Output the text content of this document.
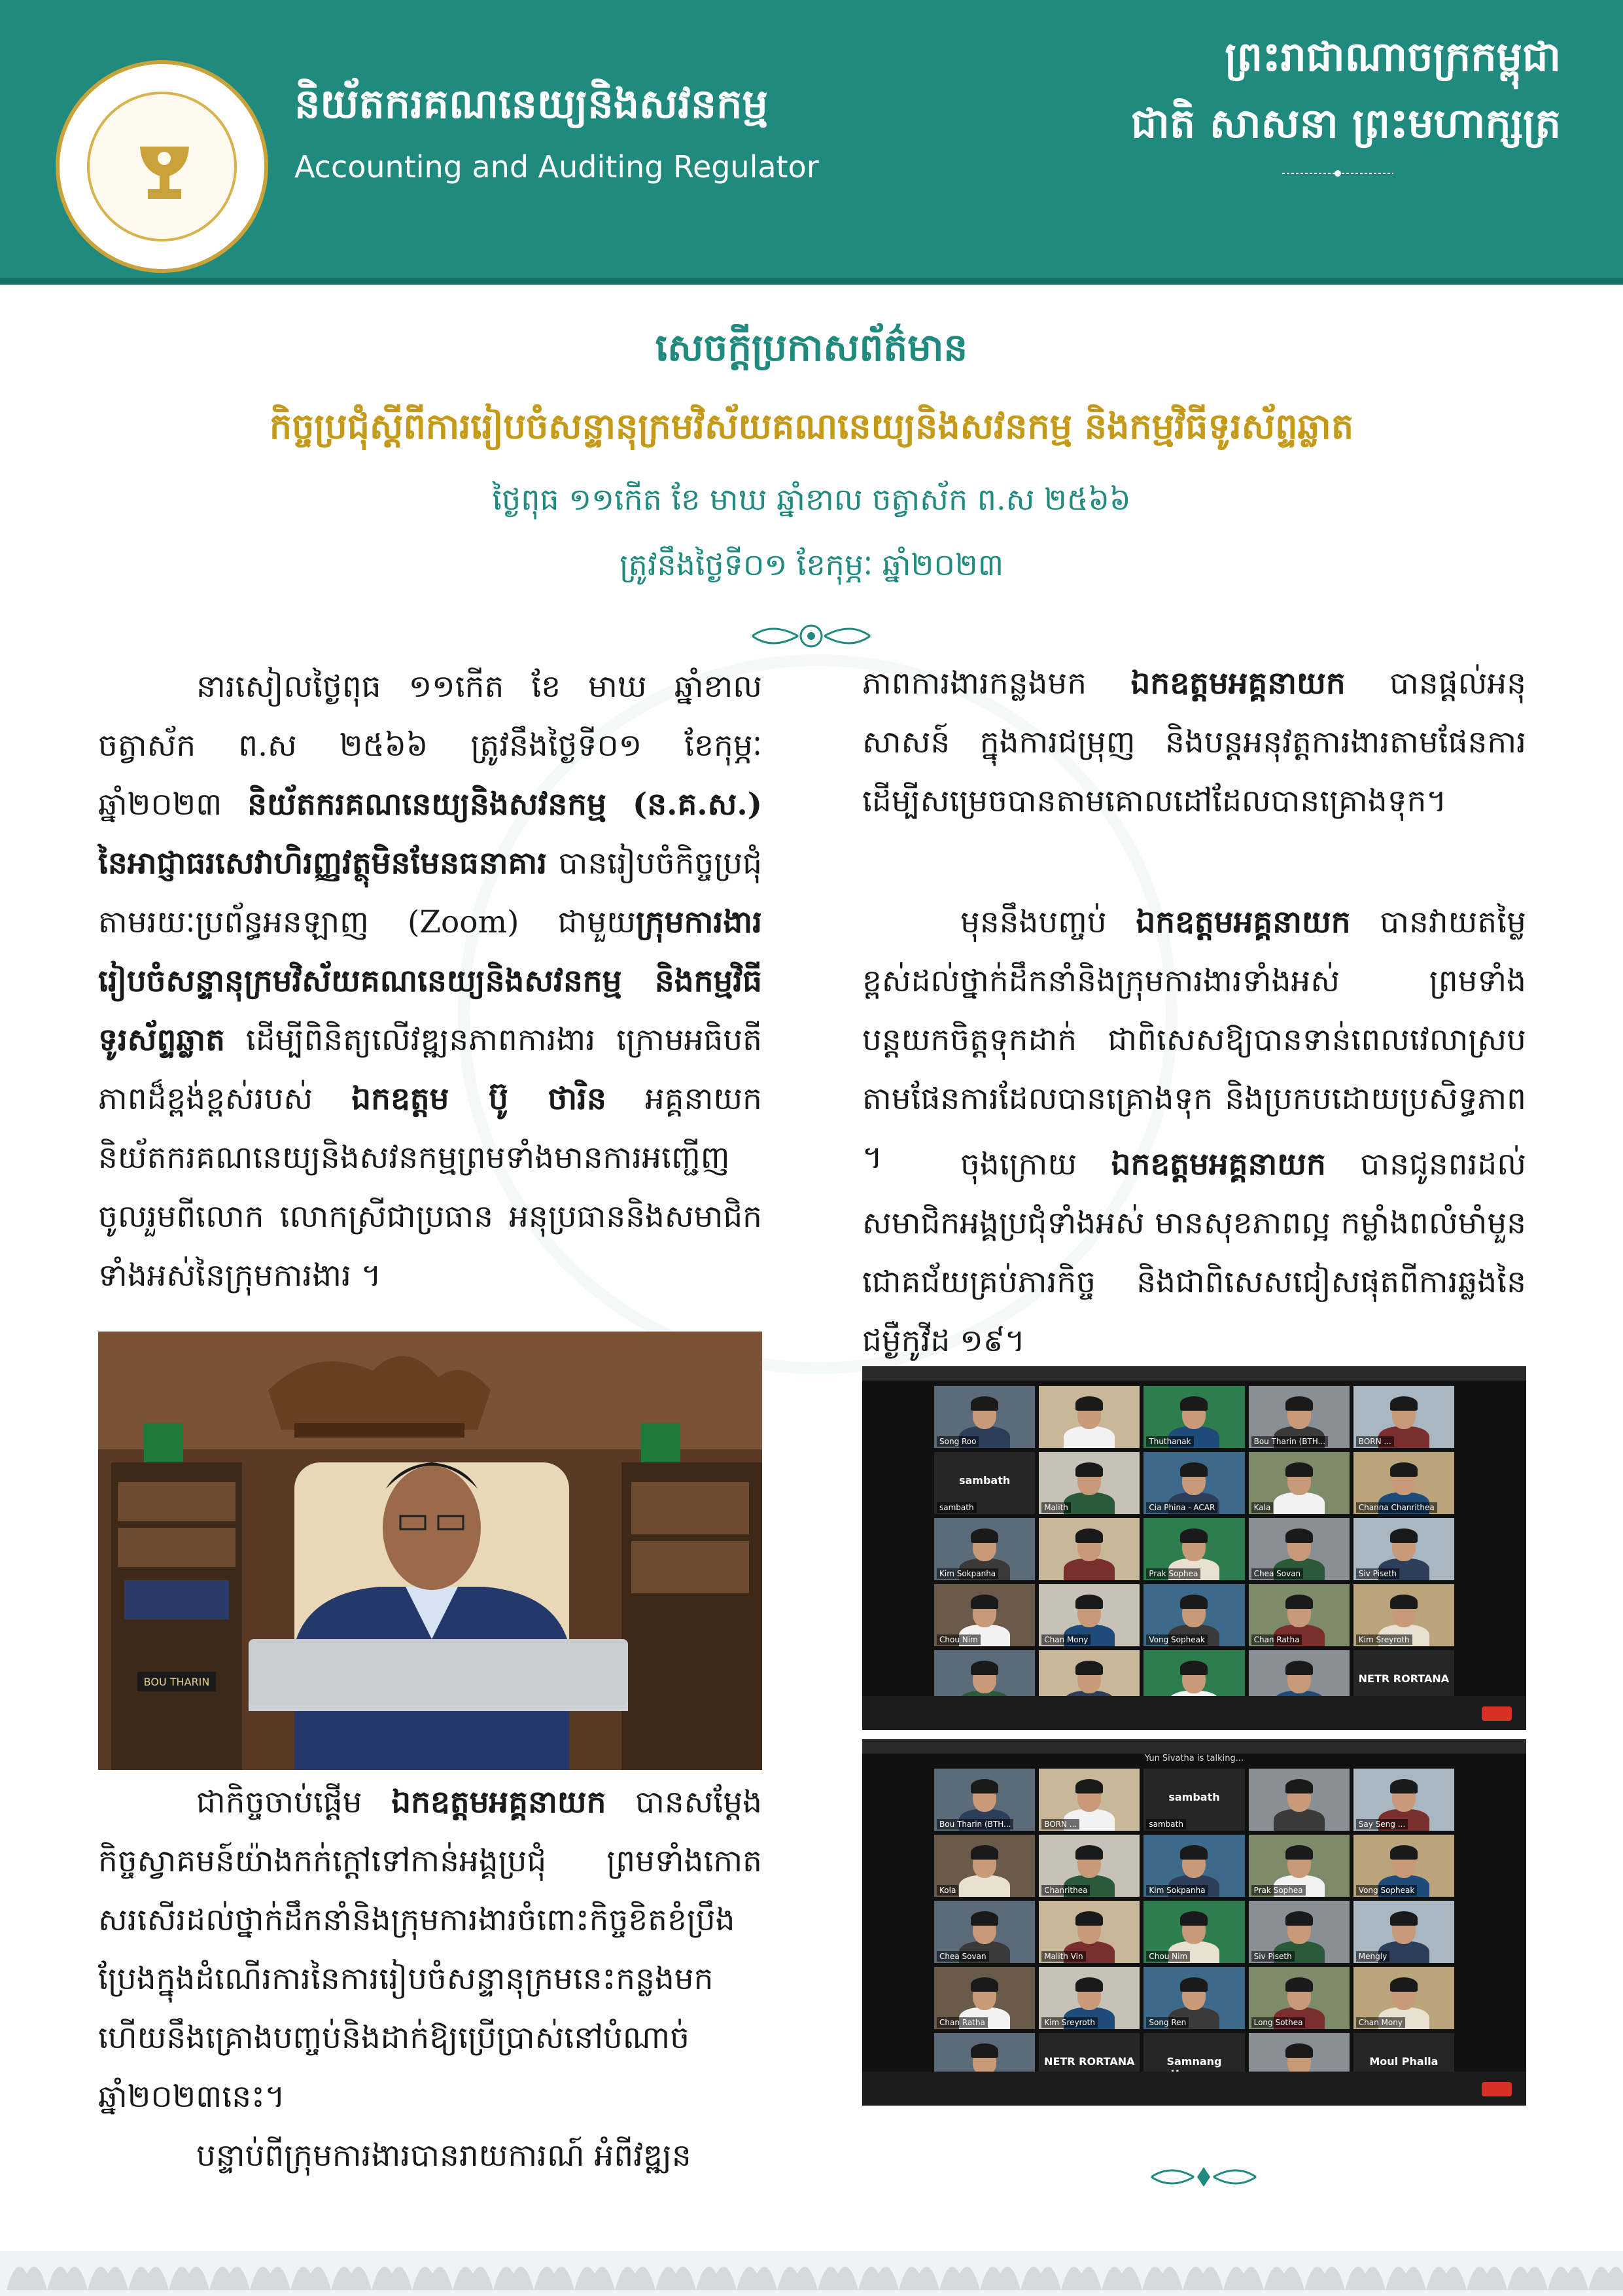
និយ័តករគណនេយ្យនិងសវនកម្ម
Accounting and Auditing Regulator
ព្រះរាជាណាចក្រកម្ពុជា
ជាតិ សាសនា ព្រះមហាក្សត្រ
សេចក្តីប្រកាសព័ត៌មាន
កិច្ចប្រជុំស្តីពីការរៀបចំសន្ទានុក្រមវិស័យគណនេយ្យនិងសវនកម្ម និងកម្មវិធីទូរស័ព្ទឆ្លាត
ថ្ងៃពុធ ១១កើត ខែ មាឃ ឆ្នាំខាល ចត្វាស័ក ព.ស ២៥៦៦
ត្រូវនឹងថ្ងៃទី០១ ខែកុម្ភៈ ឆ្នាំ២០២៣
នារសៀលថ្ងៃពុធ ១១កើត ខែ មាឃ ឆ្នាំខាល ចត្វាស័ក ព.ស ២៥៦៦ ត្រូវនឹងថ្ងៃទី០១ ខែកុម្ភៈ ឆ្នាំ២០២៣ និយ័តករគណនេយ្យនិងសវនកម្ម (ន.គ.ស.) នៃអាជ្ញាធរសេវាហិរញ្ញវត្ថុមិនមែនធនាគារ បានរៀបចំកិច្ចប្រជុំតាមរយៈប្រព័ន្ធអនឡាញ (Zoom) ជាមួយក្រុមការងាររៀបចំសន្ទានុក្រមវិស័យគណនេយ្យនិងសវនកម្ម និងកម្មវិធីទូរស័ព្ទឆ្លាត ដើម្បីពិនិត្យលើវឌ្ឍនភាពការងារ ក្រោមអធិបតីភាពដ៏ខ្ពង់ខ្ពស់របស់ ឯកឧត្តម ប៊ូ ថារិន អគ្គនាយកនិយ័តករគណនេយ្យនិងសវនកម្មព្រមទាំងមានការអញ្ជើញចូលរួមពីលោក លោកស្រីជាប្រធាន អនុប្រធាននិងសមាជិកទាំងអស់នៃក្រុមការងារ ។
BOU THARIN
ជាកិច្ចចាប់ផ្តើម ឯកឧត្តមអគ្គនាយក បានសម្តែងកិច្ចស្វាគមន៍យ៉ាងកក់ក្តៅទៅកាន់អង្គប្រជុំ ព្រមទាំងកោតសរសើរដល់ថ្នាក់ដឹកនាំនិងក្រុមការងារចំពោះកិច្ចខិតខំប្រឹងប្រែងក្នុងដំណើរការនៃការរៀបចំសន្ទានុក្រមនេះកន្លងមក ហើយនឹងគ្រោងបញ្ចប់និងដាក់ឱ្យប្រើប្រាស់នៅបំណាច់ឆ្នាំ២០២៣នេះ។
បន្ទាប់ពីក្រុមការងារបានរាយការណ៍ អំពីវឌ្ឍន
ភាពការងារកន្លងមក ឯកឧត្តមអគ្គនាយក បានផ្តល់អនុសាសន៍ ក្នុងការជម្រុញ និងបន្តអនុវត្តការងារតាមផែនការ ដើម្បីសម្រេចបានតាមគោលដៅដែលបានគ្រោងទុក។
មុននឹងបញ្ចប់ ឯកឧត្តមអគ្គនាយក បានវាយតម្លៃខ្ពស់ដល់ថ្នាក់ដឹកនាំនិងក្រុមការងារទាំងអស់ ព្រមទាំងបន្តយកចិត្តទុកដាក់ ជាពិសេសឱ្យបានទាន់ពេលវេលាស្របតាមផែនការដែលបានគ្រោងទុក និងប្រកបដោយប្រសិទ្ធភាព ។	ចុងក្រោយ ឯកឧត្តមអគ្គនាយក បានជូនពរដល់សមាជិកអង្គប្រជុំទាំងអស់ មានសុខភាពល្អ កម្លាំងពលំមាំមួន ជោគជ័យគ្រប់ភារកិច្ច និងជាពិសេសជៀសផុតពីការឆ្លងនៃជម្ងឺកូវីដ ១៩។
Song Roo	Thuthanak	Bou Tharin (BTH...	BORN ...
sambath
sambath	Malith	Cia Phina - ACAR	Kala	Channa Chanrithea
Kim Sokpanha	Prak Sophea	Chea Sovan	Siv Piseth
Chou Nim	Chan Mony	Vong Sopheak	Chan Ratha	Kim Sreyroth
NETR RORTANA
Yun Sivatha is talking...
Bou Tharin (BTH...	BORN ...
sambath
sambath	Say Seng ...
Kola	Chanrithea	Kim Sokpanha	Prak Sophea	Vong Sopheak
Chea Sovan	Malith Vin	Chou Nim	Siv Piseth	Mengly
Chan Ratha	Kim Sreyroth	Song Ren	Long Sothea	Chan Mony
NETR RORTANA	Samnang	Moul Phalla
